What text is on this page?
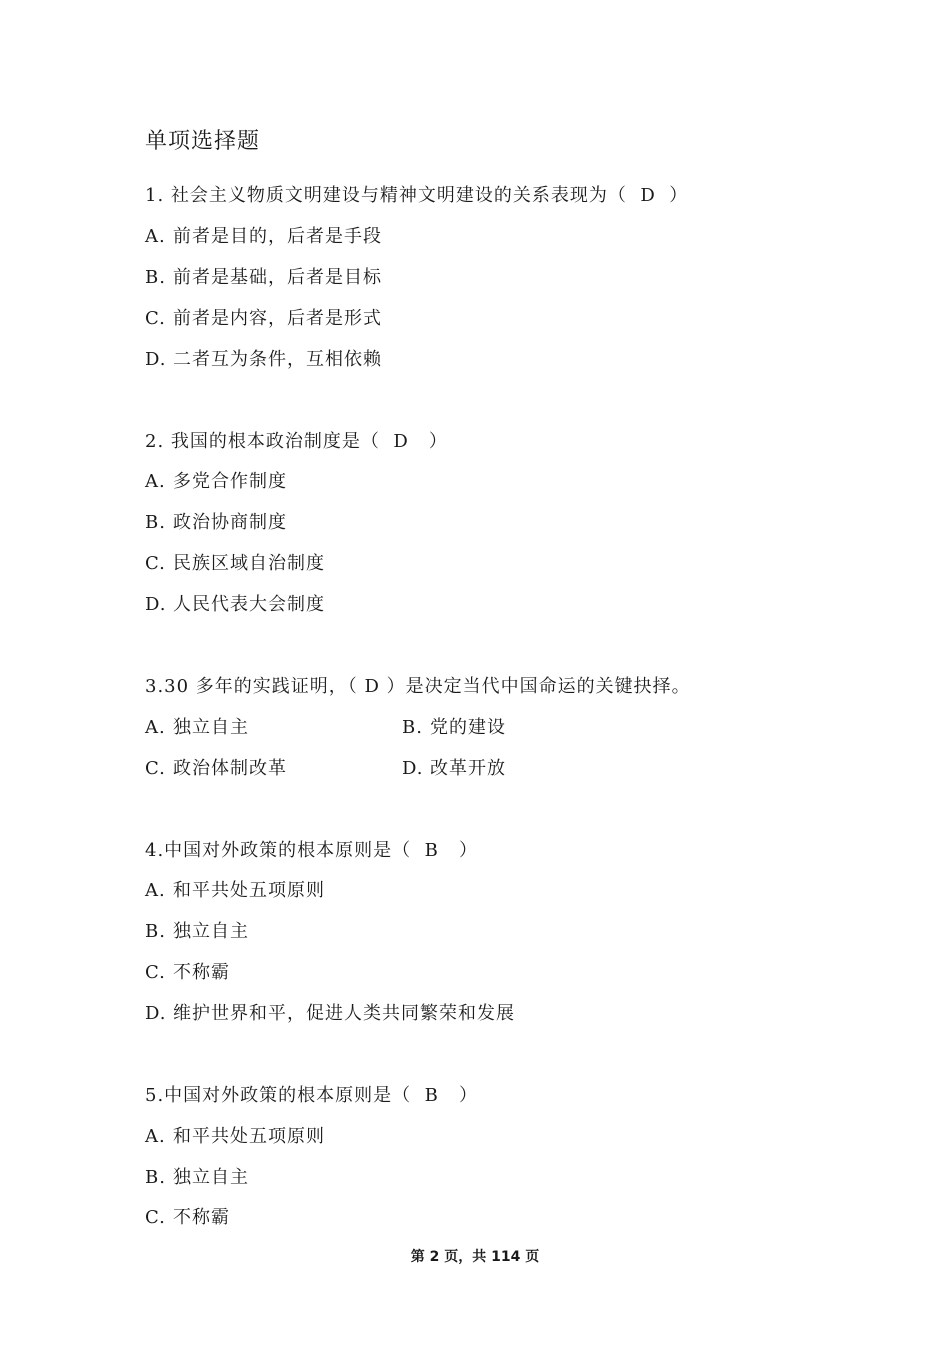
单项选择题
1. 社会主义物质文明建设与精神文明建设的关系表现为（  D  ）
A. 前者是目的，后者是手段
B. 前者是基础，后者是目标
C. 前者是内容，后者是形式
D. 二者互为条件，互相依赖
2. 我国的根本政治制度是（  D   ）
A. 多党合作制度
B. 政治协商制度
C. 民族区域自治制度
D. 人民代表大会制度
3.30 多年的实践证明，（ D ）是决定当代中国命运的关键抉择。
A. 独立自主	B. 党的建设
C. 政治体制改革	D. 改革开放
4.中国对外政策的根本原则是（  B   ）
A. 和平共处五项原则
B. 独立自主
C. 不称霸
D. 维护世界和平，促进人类共同繁荣和发展
5.中国对外政策的根本原则是（  B   ）
A. 和平共处五项原则
B. 独立自主
C. 不称霸
第 2 页，共 114 页
